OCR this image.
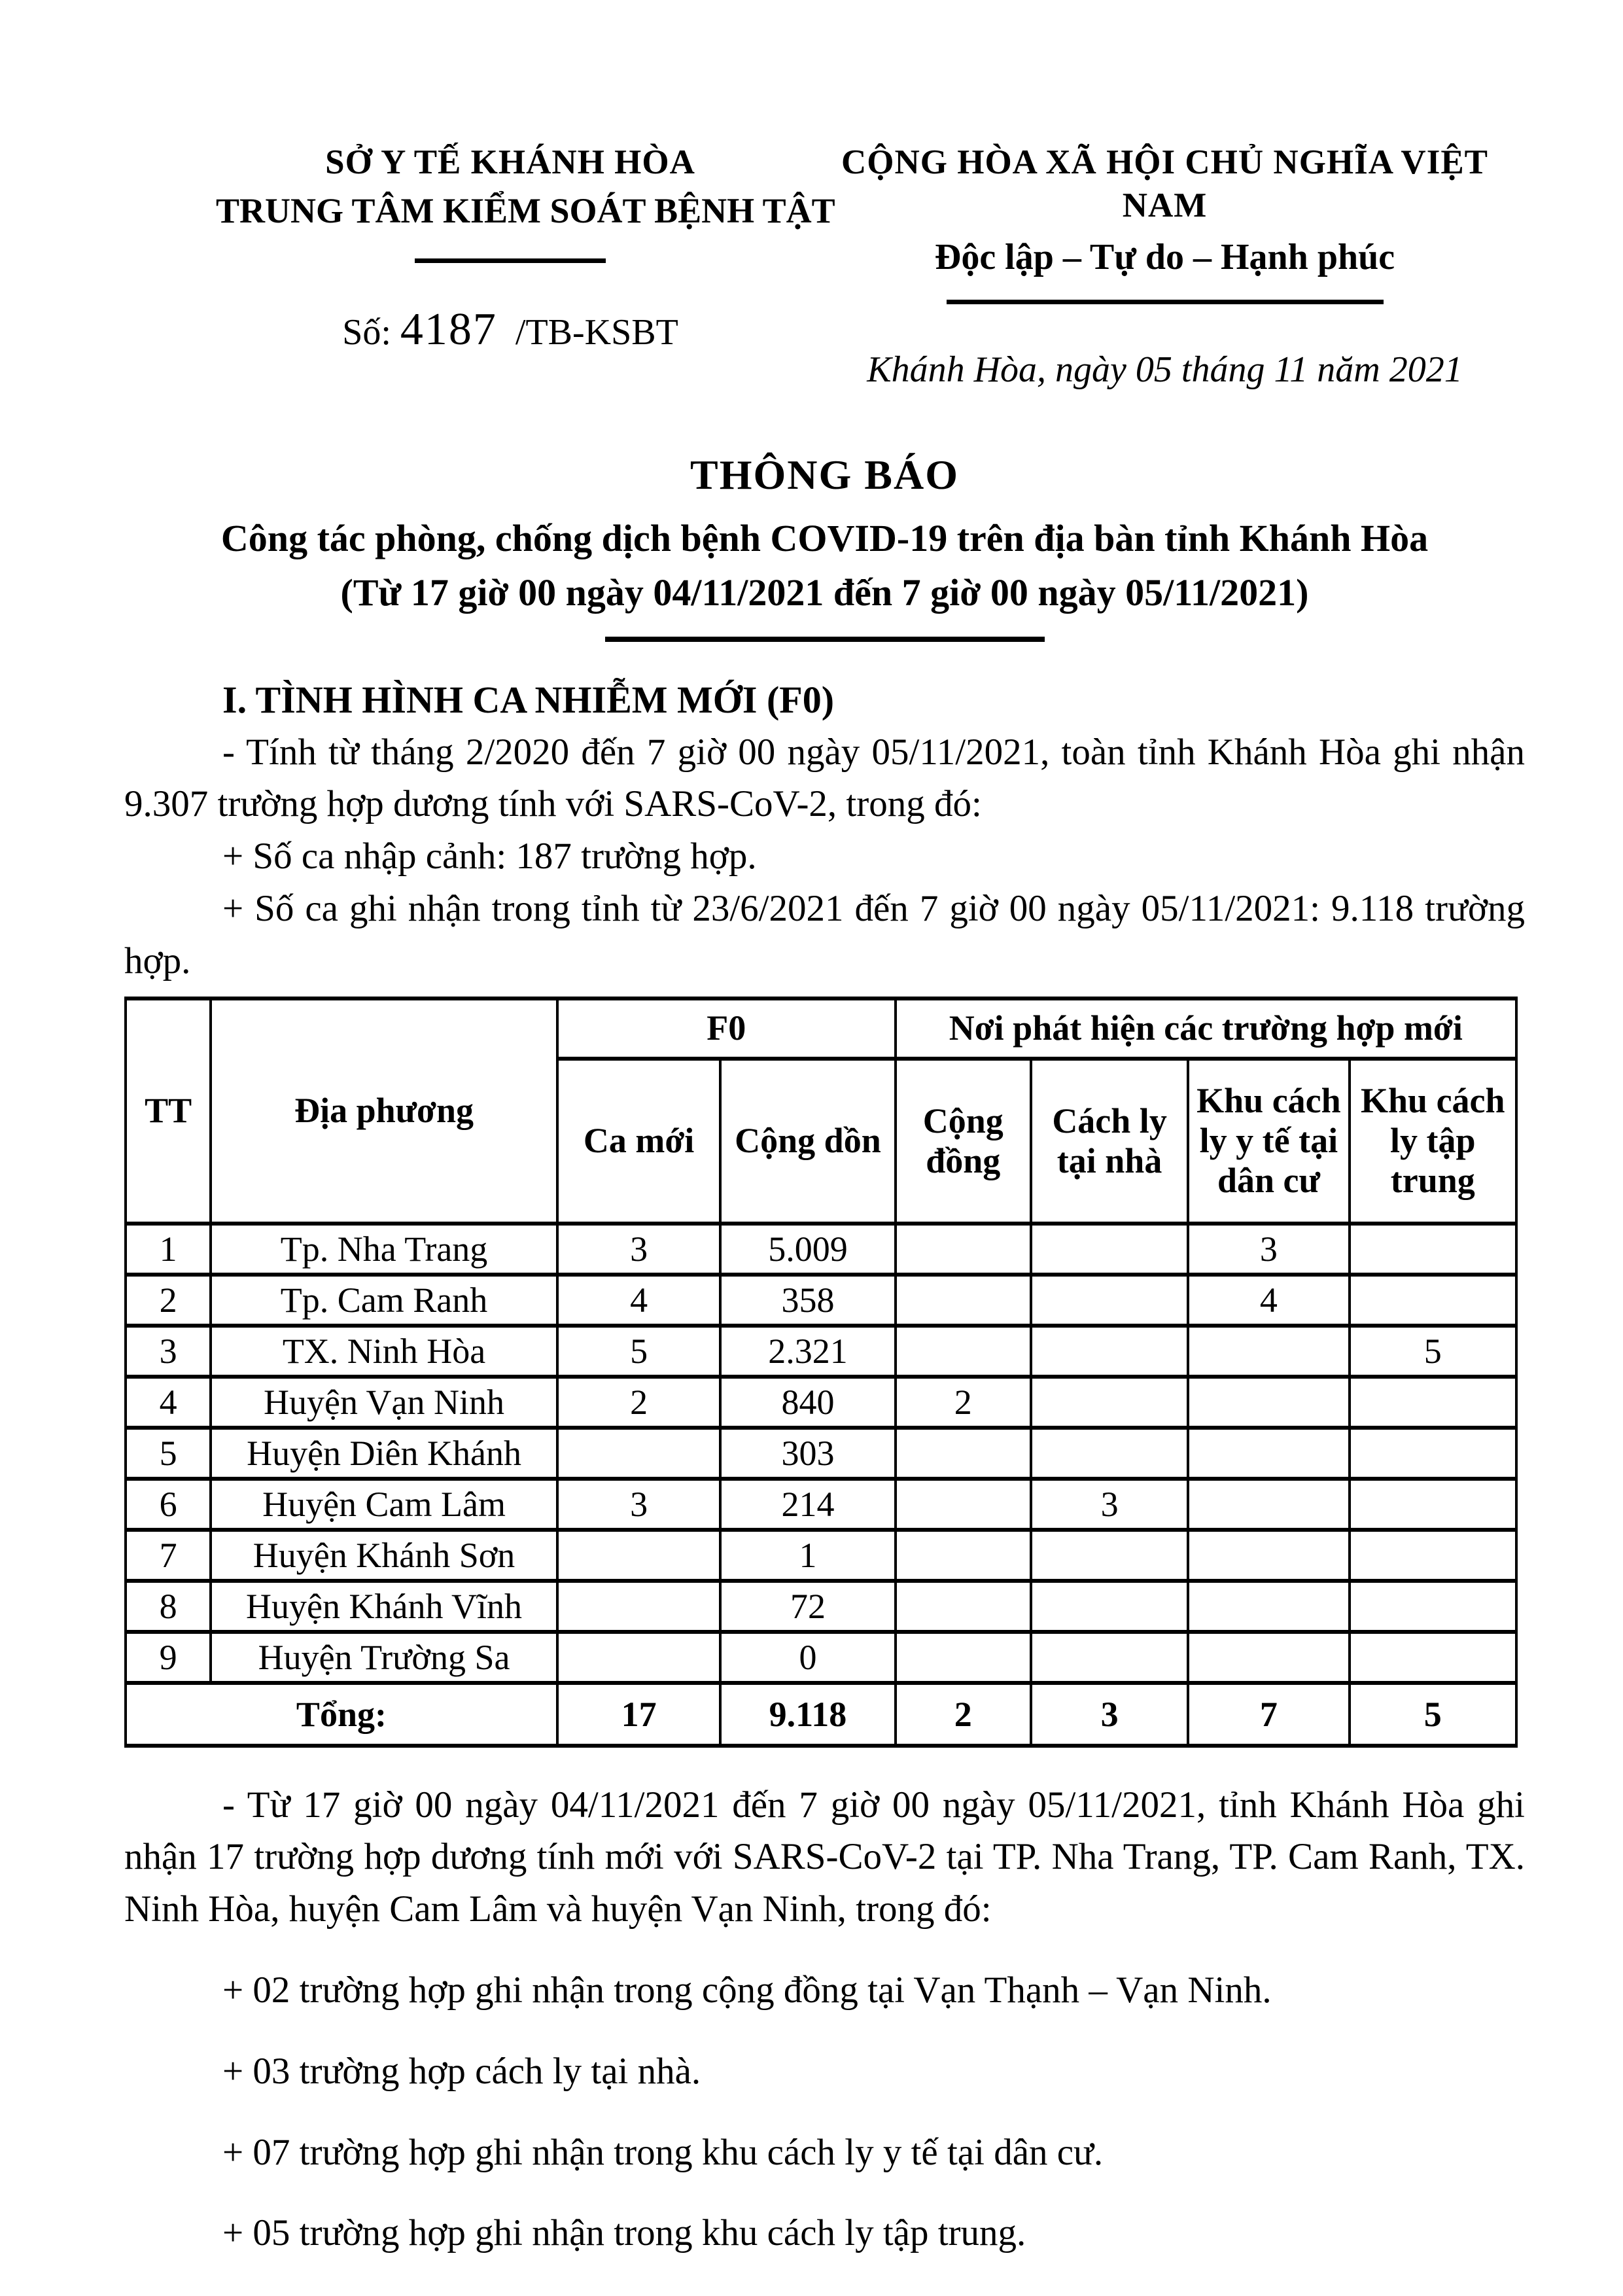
SỞ Y TẾ KHÁNH HÒA
TRUNG TÂM KIỂM SOÁT BỆNH TẬT
Số: 4187 /TB-KSBT
CỘNG HÒA XÃ HỘI CHỦ NGHĨA VIỆT NAM
Độc lập – Tự do – Hạnh phúc
Khánh Hòa, ngày 05 tháng 11 năm 2021
THÔNG BÁO
Công tác phòng, chống dịch bệnh COVID-19 trên địa bàn tỉnh Khánh Hòa
(Từ 17 giờ 00 ngày 04/11/2021 đến 7 giờ 00 ngày 05/11/2021)
I. TÌNH HÌNH CA NHIỄM MỚI (F0)

- Tính từ tháng 2/2020 đến 7 giờ 00 ngày 05/11/2021, toàn tỉnh Khánh Hòa ghi nhận 9.307 trường hợp dương tính với SARS-CoV-2, trong đó:

+ Số ca nhập cảnh: 187 trường hợp.

+ Số ca ghi nhận trong tỉnh từ 23/6/2021 đến 7 giờ 00 ngày 05/11/2021: 9.118 trường hợp.

TT	Địa phương	F0		Nơi phát hiện các trường hợp mới			
		Ca mới	Cộng dồn	Cộng đồng	Cách ly tại nhà	Khu cách ly y tế tại dân cư	Khu cách ly tập trung
1	Tp. Nha Trang	3	5.009			3	
2	Tp. Cam Ranh	4	358			4	
3	TX. Ninh Hòa	5	2.321				5
4	Huyện Vạn Ninh	2	840	2			
5	Huyện Diên Khánh		303				
6	Huyện Cam Lâm	3	214		3		
7	Huyện Khánh Sơn		1				
8	Huyện Khánh Vĩnh		72				
9	Huyện Trường Sa		0				
Tổng:		17	9.118	2	3	7	5

- Từ 17 giờ 00 ngày 04/11/2021 đến 7 giờ 00 ngày 05/11/2021, tỉnh Khánh Hòa ghi nhận 17 trường hợp dương tính mới với SARS-CoV-2 tại TP. Nha Trang, TP. Cam Ranh, TX. Ninh Hòa, huyện Cam Lâm và huyện Vạn Ninh, trong đó:

+ 02 trường hợp ghi nhận trong cộng đồng tại Vạn Thạnh – Vạn Ninh.

+ 03 trường hợp cách ly tại nhà.

+ 07 trường hợp ghi nhận trong khu cách ly y tế tại dân cư.

+ 05 trường hợp ghi nhận trong khu cách ly tập trung.
